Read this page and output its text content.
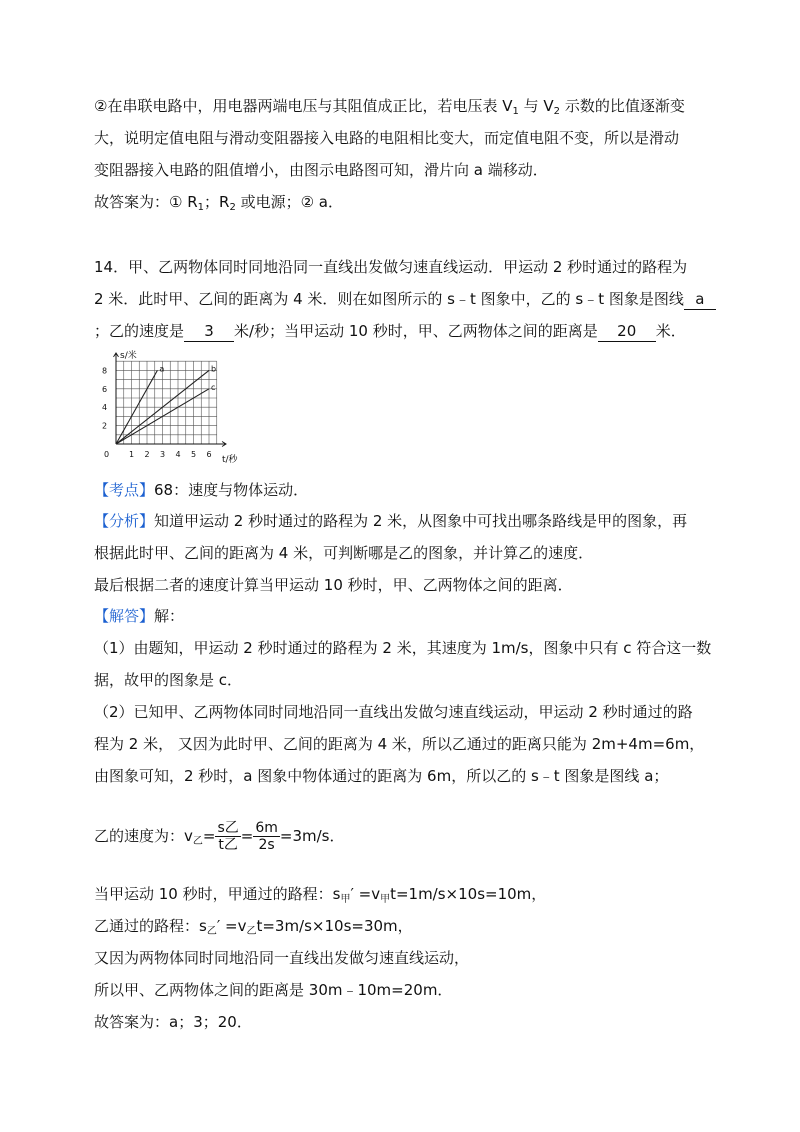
②在串联电路中，用电器两端电压与其阻值成正比，若电压表 $V_1$ 与 $V_2$ 示数的比值逐渐变
大，说明定值电阻与滑动变阻器接入电路的电阻相比变大，而定值电阻不变，所以是滑动
变阻器接入电路的阻值增小，由图示电路图可知，滑片向 a 端移动．
故答案为：① $R_1$；$R_2$ 或电源；② a．
14．甲、乙两物体同时同地沿同一直线出发做匀速直线运动．甲运动 2 秒时通过的路程为
2 米．此时甲、乙间的距离为 4 米．则在如图所示的 s﹣t 图象中，乙的 s﹣t 图象是图线 a
；乙的速度是 3 米/秒；当甲运动 10 秒时，甲、乙两物体之间的距离是 20 米．
0 1 2 3 4 5 6
2
4
6
8	a	b
c
s/米
t/秒
【考点】68：速度与物体运动．
【分析】知道甲运动 2 秒时通过的路程为 2 米，从图象中可找出哪条路线是甲的图象，再
根据此时甲、乙间的距离为 4 米，可判断哪是乙的图象，并计算乙的速度．
最后根据二者的速度计算当甲运动 10 秒时，甲、乙两物体之间的距离．
【解答】解：
（1）由题知，甲运动 2 秒时通过的路程为 2 米，其速度为 1m/s，图象中只有 c 符合这一数
据，故甲的图象是 c．
（2）已知甲、乙两物体同时同地沿同一直线出发做匀速直线运动，甲运动 2 秒时通过的路
程为 2 米， 又因为此时甲、乙间的距离为 4 米，所以乙通过的距离只能为 2m+4m=6m，
由图象可知，2 秒时，a 图象中物体通过的距离为 6m，所以乙的 s﹣t 图象是图线 a；
乙的速度为：$v_乙= \frac{\text{s乙}}{\text{t乙}} = \frac{6m}{2s} =3m/s$．
当甲运动 10 秒时，甲通过的路程：$s_甲' =v_甲t=1m/s\times 10s=10m$，
乙通过的路程：$s_乙' =v_乙t=3m/s\times 10s=30m$，
又因为两物体同时同地沿同一直线出发做匀速直线运动，
所以甲、乙两物体之间的距离是 30m﹣10m=20m．
故答案为：a；3；20．
